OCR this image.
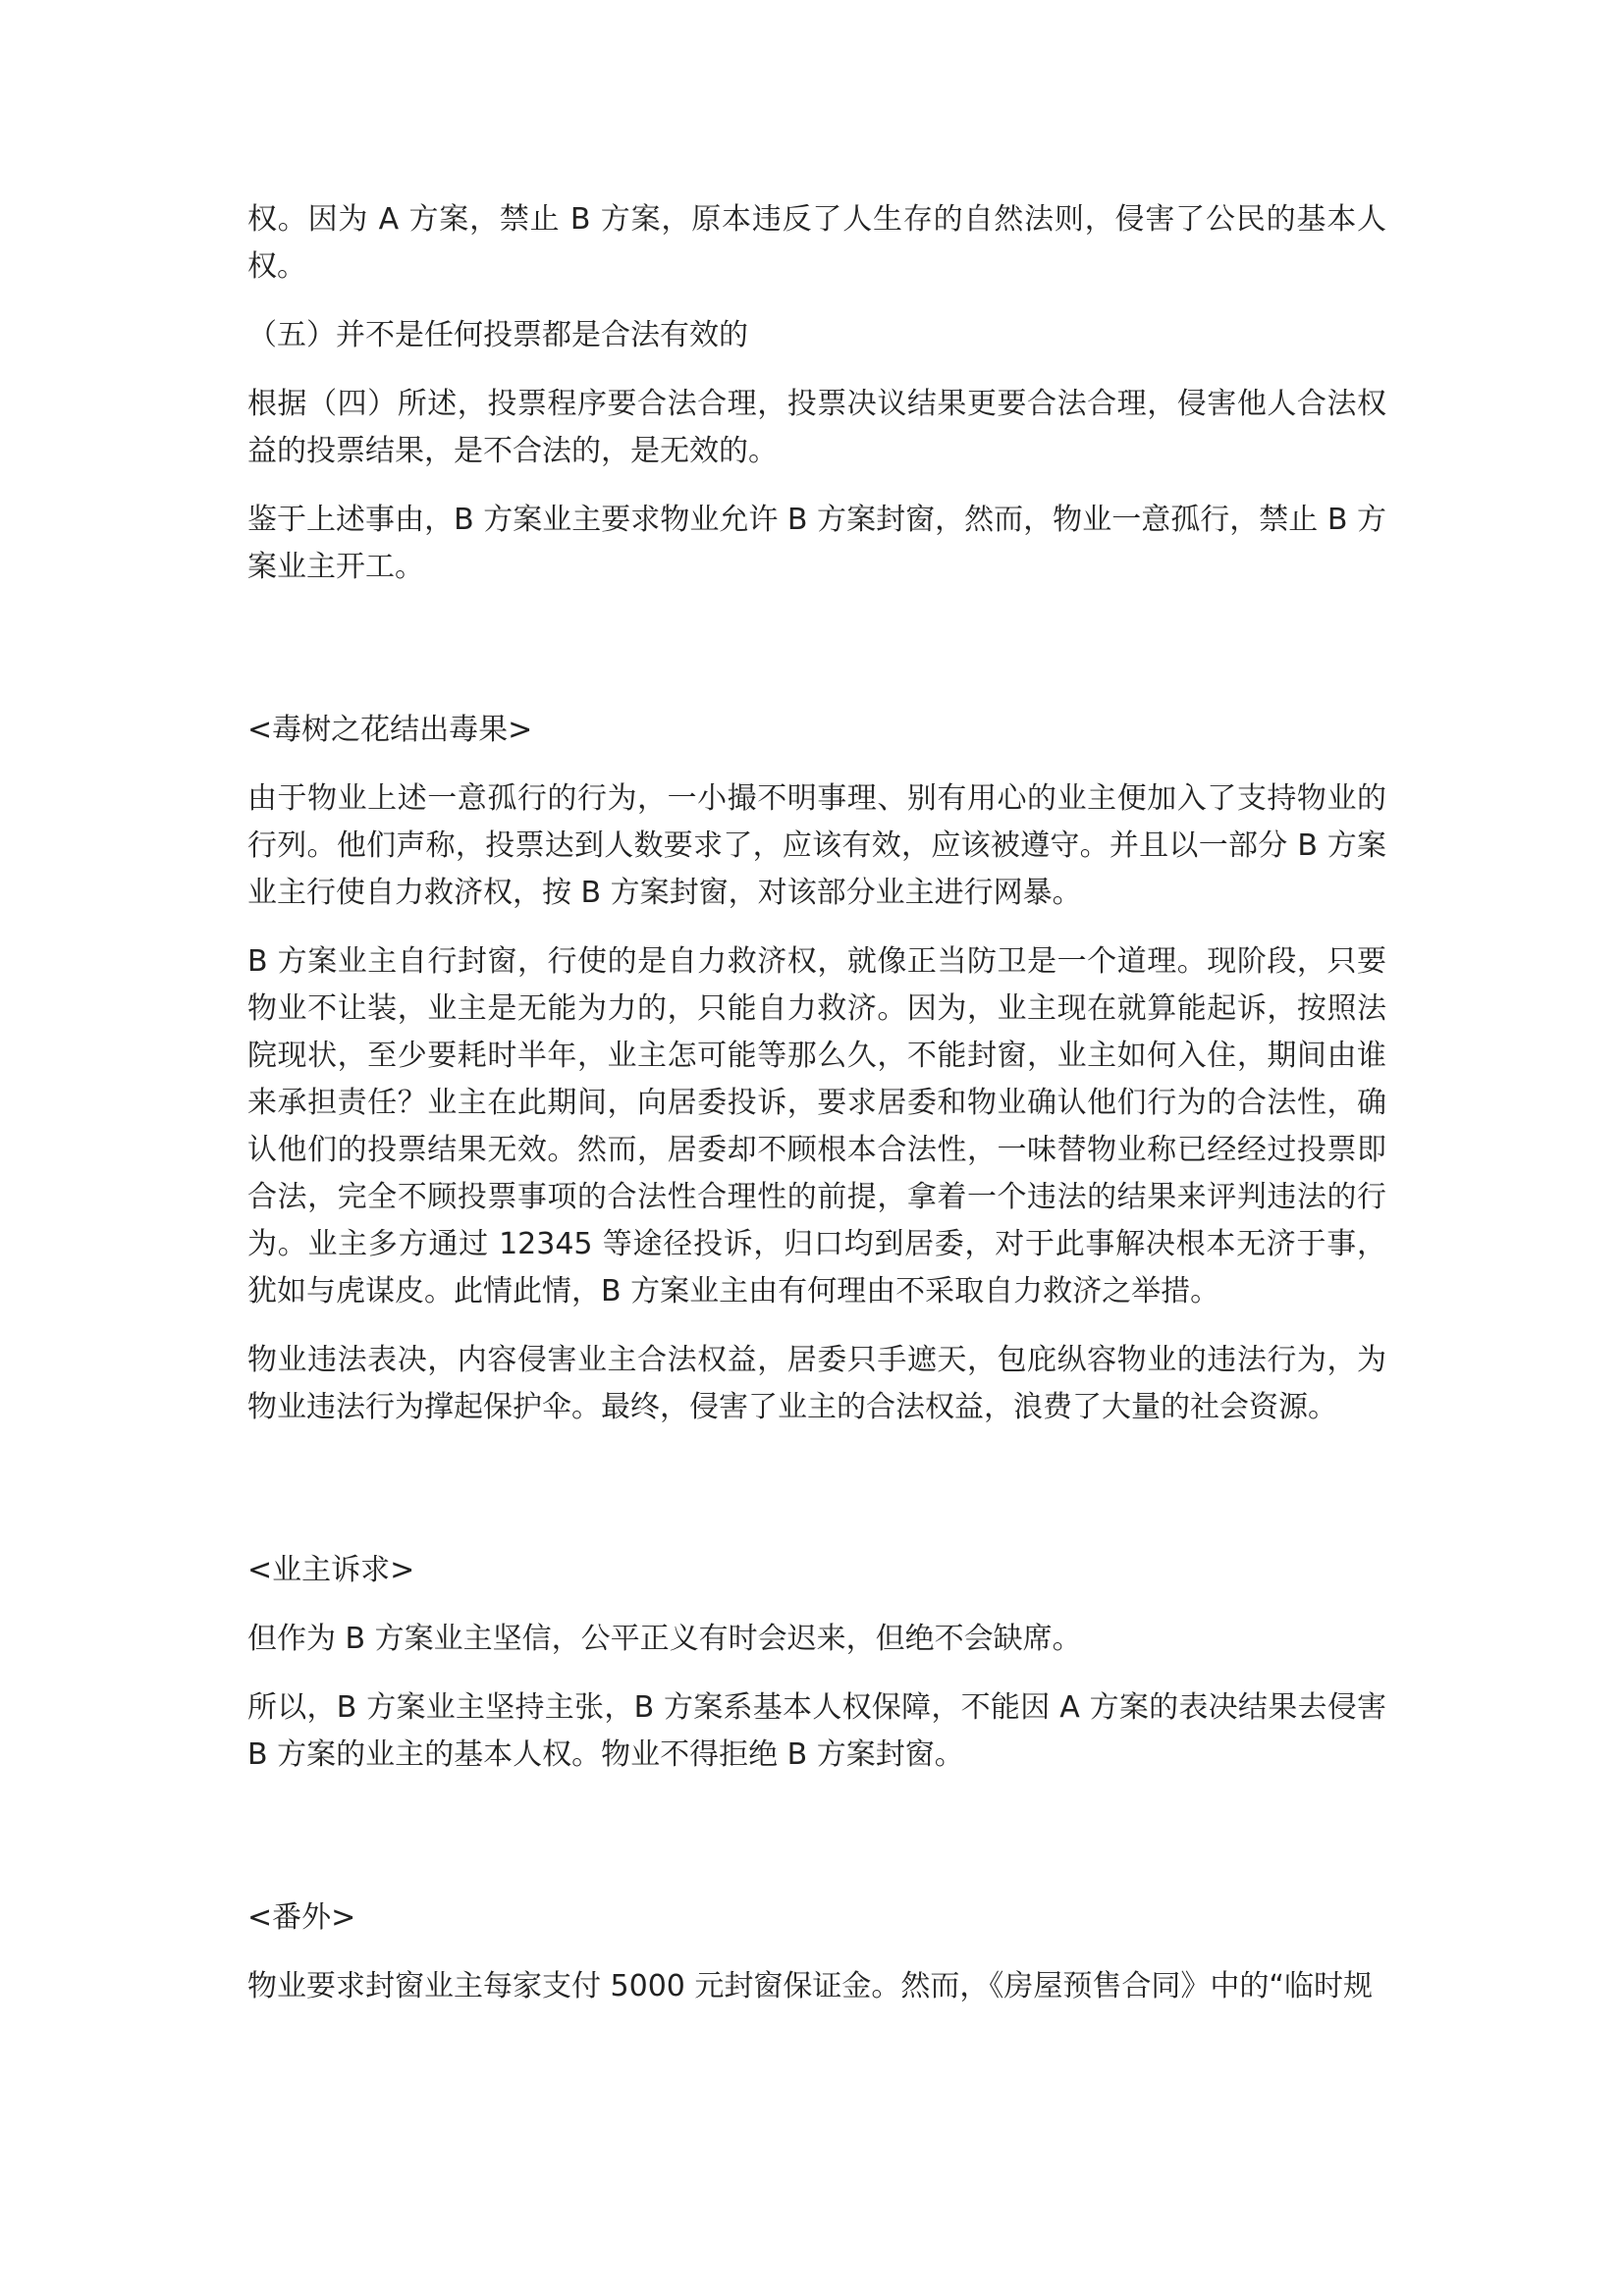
权。因为 A 方案，禁止 B 方案，原本违反了人生存的自然法则，侵害了公民的基本人权。

（五）并不是任何投票都是合法有效的

根据（四）所述，投票程序要合法合理，投票决议结果更要合法合理，侵害他人合法权益的投票结果，是不合法的，是无效的。

鉴于上述事由，B 方案业主要求物业允许 B 方案封窗，然而，物业一意孤行，禁止 B 方案业主开工。

<毒树之花结出毒果>

由于物业上述一意孤行的行为，一小撮不明事理、别有用心的业主便加入了支持物业的行列。他们声称，投票达到人数要求了，应该有效，应该被遵守。并且以一部分 B 方案业主行使自力救济权，按 B 方案封窗，对该部分业主进行网暴。

B 方案业主自行封窗，行使的是自力救济权，就像正当防卫是一个道理。现阶段，只要物业不让装，业主是无能为力的，只能自力救济。因为，业主现在就算能起诉，按照法院现状，至少要耗时半年，业主怎可能等那么久，不能封窗，业主如何入住，期间由谁来承担责任？业主在此期间，向居委投诉，要求居委和物业确认他们行为的合法性，确认他们的投票结果无效。然而，居委却不顾根本合法性，一味替物业称已经经过投票即合法，完全不顾投票事项的合法性合理性的前提，拿着一个违法的结果来评判违法的行为。业主多方通过 12345 等途径投诉，归口均到居委，对于此事解决根本无济于事，犹如与虎谋皮。此情此情，B 方案业主由有何理由不采取自力救济之举措。

物业违法表决，内容侵害业主合法权益，居委只手遮天，包庇纵容物业的违法行为，为物业违法行为撑起保护伞。最终，侵害了业主的合法权益，浪费了大量的社会资源。

<业主诉求>

但作为 B 方案业主坚信，公平正义有时会迟来，但绝不会缺席。

所以，B 方案业主坚持主张，B 方案系基本人权保障，不能因 A 方案的表决结果去侵害 B 方案的业主的基本人权。物业不得拒绝 B 方案封窗。

<番外>

物业要求封窗业主每家支付 5000 元封窗保证金。然而，《房屋预售合同》中的“临时规
